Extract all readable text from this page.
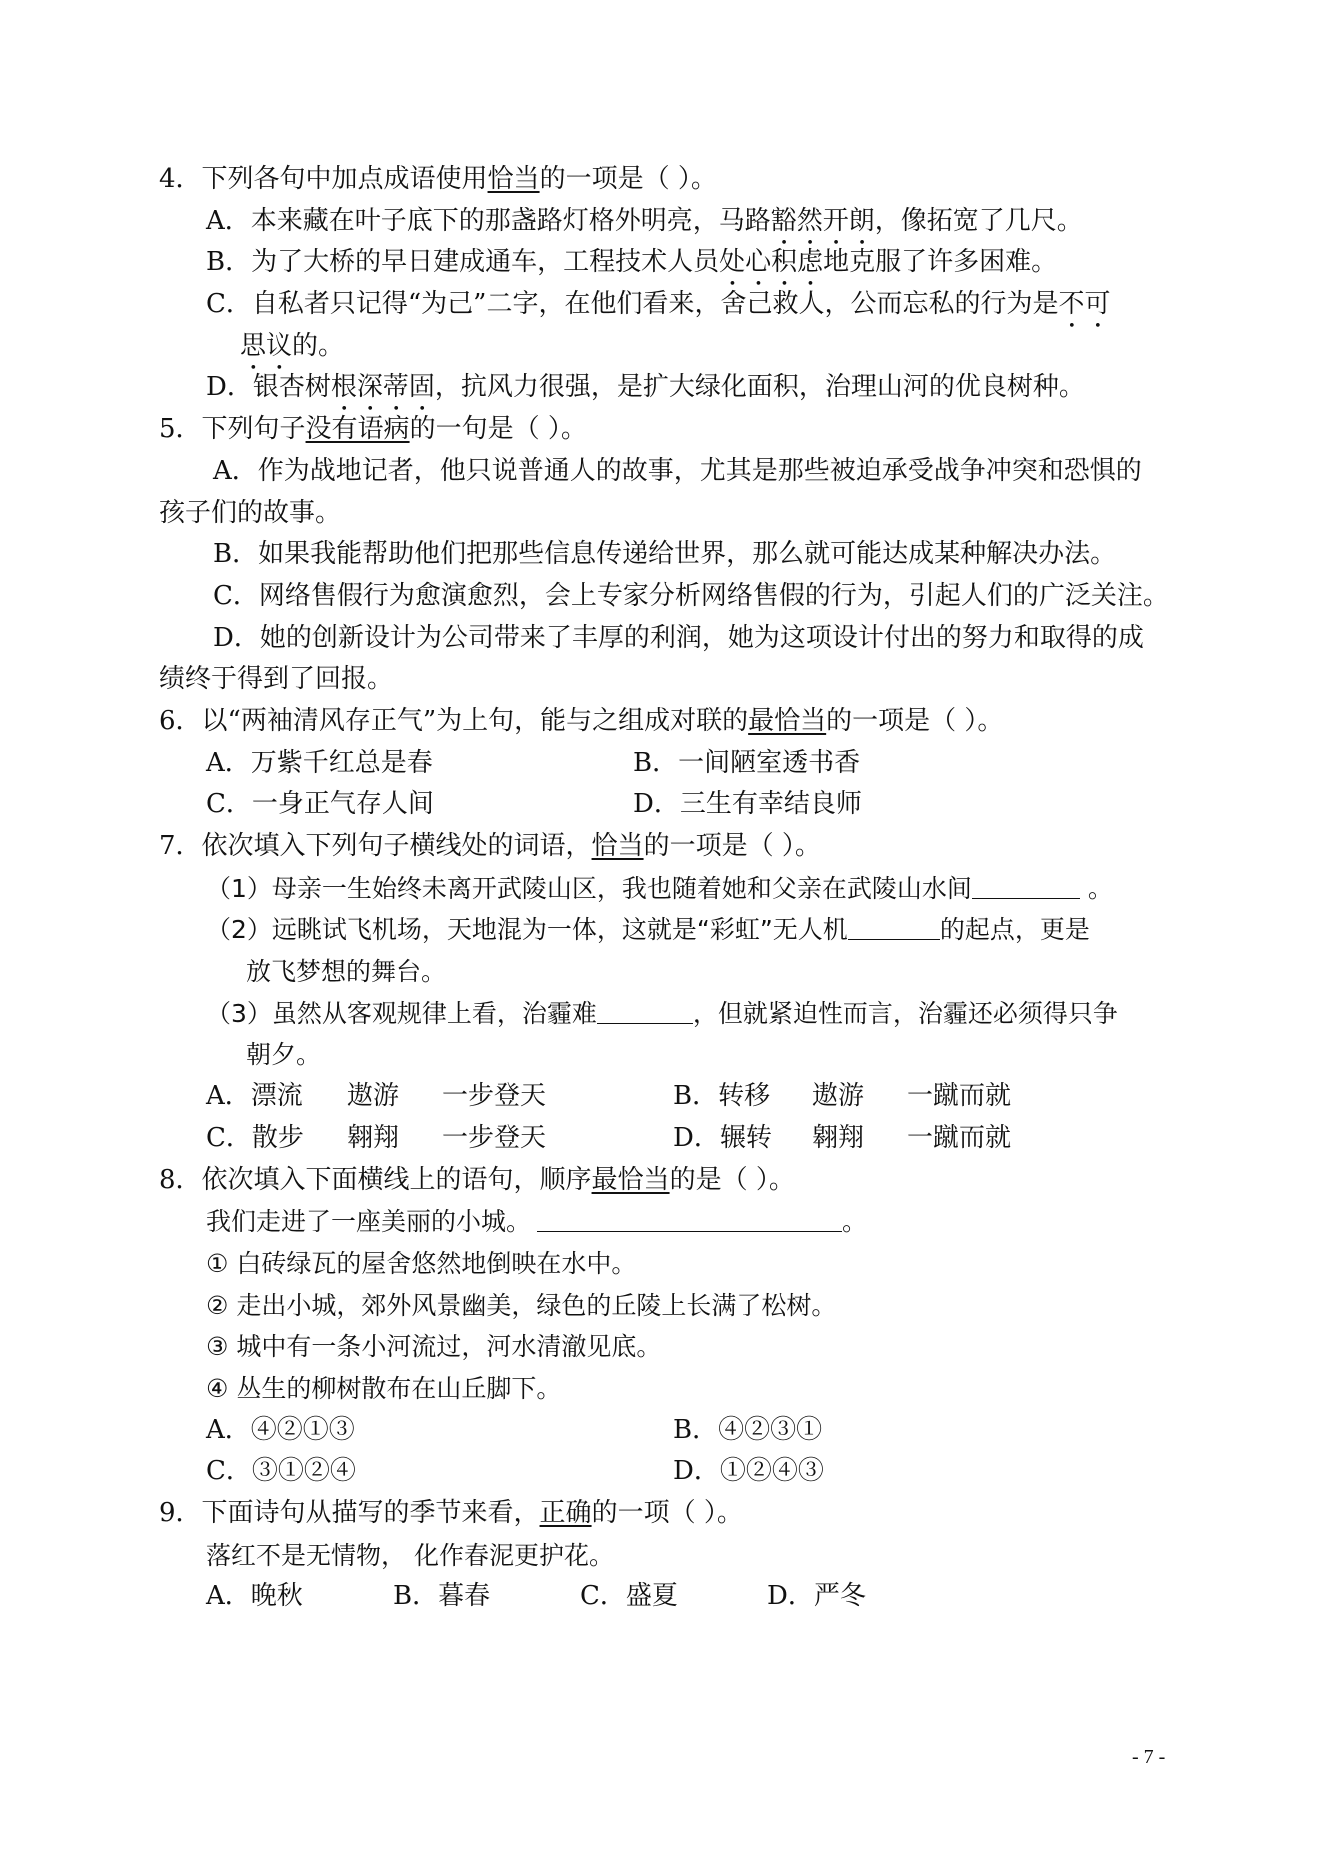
4．下列各句中加点成语使用恰当的一项是（ ）。
A．本来藏在叶子底下的那盏路灯格外明亮，马路豁然开朗，像拓宽了几尺。
B．为了大桥的早日建成通车，工程技术人员处心积虑地克服了许多困难。
C．自私者只记得“为己”二字，在他们看来，舍己救人，公而忘私的行为是不可
思议的。
D．银杏树根深蒂固，抗风力很强，是扩大绿化面积，治理山河的优良树种。
5．下列句子没有语病的一句是（ ）。
A．作为战地记者，他只说普通人的故事，尤其是那些被迫承受战争冲突和恐惧的
孩子们的故事。
B．如果我能帮助他们把那些信息传递给世界，那么就可能达成某种解决办法。
C．网络售假行为愈演愈烈，会上专家分析网络售假的行为，引起人们的广泛关注。
D．她的创新设计为公司带来了丰厚的利润，她为这项设计付出的努力和取得的成
绩终于得到了回报。
6．以“两袖清风存正气”为上句，能与之组成对联的最恰当的一项是（ ）。
A．万紫千红总是春	B．一间陋室透书香
C．一身正气存人间	D．三生有幸结良师
7．依次填入下列句子横线处的词语，恰当的一项是（ ）。
（1）母亲一生始终未离开武陵山区，我也随着她和父亲在武陵山水间	。
（2）远眺试飞机场，天地混为一体，这就是“彩虹”无人机	的起点，更是
放飞梦想的舞台。
（3）虽然从客观规律上看，治霾难	，但就紧迫性而言，治霾还必须得只争
朝夕。
A．漂流 遨游 一步登天	B．转移 遨游 一蹴而就
C．散步 翱翔 一步登天	D．辗转 翱翔 一蹴而就
8．依次填入下面横线上的语句，顺序最恰当的是（ ）。
我们走进了一座美丽的小城。	。
① 白砖绿瓦的屋舍悠然地倒映在水中。
② 走出小城，郊外风景幽美，绿色的丘陵上长满了松树。
③ 城中有一条小河流过，河水清澈见底。
④ 丛生的柳树散布在山丘脚下。
A．④②①③	B．④②③①
C．③①②④	D．①②④③
9．下面诗句从描写的季节来看，正确的一项（ ）。
落红不是无情物， 化作春泥更护花。
A．晚秋	B．暮春	C．盛夏	D．严冬
- 7 -
